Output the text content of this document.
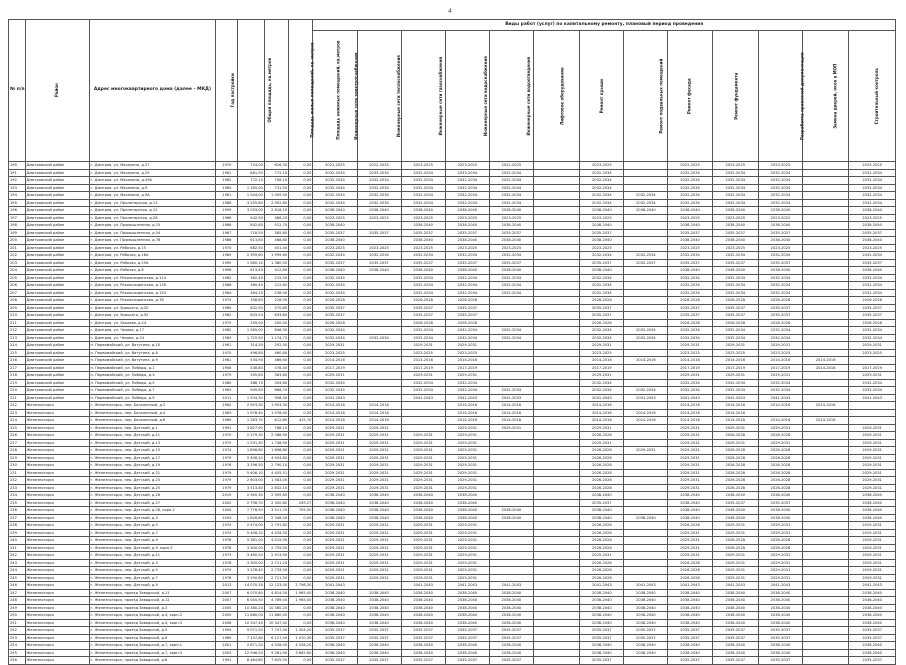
4
№ п/п	Район	Адрес многоквартирного дома (далее – МКД)	Год постройки	Общая площадь, кв.метров	Площадь жилых помещений, кв. метров	Площадь нежилых помещений, кв.метров	Виды работ (услуг) по капитальному ремонту, плановый период проведения												
							Инженерные сети электроснабжения	Инженерные сети теплоснабжения	Инженерные сети газоснабжения	Инженерные сети водоснабжения	Инженерные сети водоотведения	Лифтовое оборудование	Ремонт крыши	Ремонт подвальных помещений	Ремонт фасада	Ремонт фундамента	Разработка проектной документации	Замена дверей, окон в МОП	Строительный контроль
190	Дмитровский район	г. Дмитров, ул. Махалина, д.27	1970	724,00	626,30	0,00	2021-2025	2022-2025	2023-2025	2023-2025	2022-2025		2023-2025		2022-2025	2023-2025	2023-2025		2025-2025
191	Дмитровский район	г. Дмитров, ул. Махалина, д.29	1981	861,50	772,10	0,00	2032-2034	2033-2034	2032-2034	2033-2034	2032-2034		2032-2034		2032-2034	2032-2034	2032-2034		2032-2034
192	Дмитровский район	г. Дмитров, ул. Махалина, д.29А	1982	772,10	706,10	0,00	2032-2034	2032-2034	2032-2034	2032-2034	2032-2034		2032-2034		2032-2034	2032-2034	2032-2034		2032-2034
193	Дмитровский район	г. Дмитров, ул. Махалина, д.9	1983	1 185,00	731,50	0,00	2032-2034	2032-2034	2032-2034	2032-2034	2032-2034		2032-2034		2032-2034	2032-2034	2032-2034		2032-2034
194	Дмитровский район	г. Дмитров, ул. Махалина, д.9А	1981	1 544,00	1 009,50	0,00	2032-2034	2032-2034	2032-2034	2032-2034	2032-2034		2032-2034	2032-2034	2032-2034	2032-2034	2032-2034		2032-2034
195	Дмитровский район	г. Дмитров, ул. Пролетарская, д.13	1986	3 255,80	2 902,60	0,00	2032-2034	2032-2034	2032-2034	2032-2034	2032-2034		2032-2034	2032-2034	2032-2034	2032-2034	2032-2034		2032-2034
196	Дмитровский район	г. Дмитров, ул. Пролетарская, д.15	1999	3 033,00	2 816,10	0,00	2038-2040	2038-2040	2038-2040	2038-2040	2038-2040		2038-2040	2038-2040	2038-2040	2038-2040	2038-2040		2038-2040
197	Дмитровский район	г. Дмитров, ул. Пролетарская, д.28	1988	542,90	386,20	0,00	2023-2025	2023-2025	2023-2025	2023-2025	2023-2025		2023-2025		2023-2025	2023-2025	2023-2025		2023-2025
198	Дмитровский район	г. Дмитров, ул. Промышленная, д.15	1986	842,80	512,70	0,00	2038-2040		2038-2040	2038-2040	2038-2040		2038-2040		2038-2040	2038-2040	2038-2040		2038-2040
199	Дмитровский район	г. Дмитров, ул. Промышленная, д.54	1987	718,50	385,80	0,00	2035-2037	2035-2037	2035-2037	2035-2037	2035-2037		2035-2037		2035-2037	2035-2037	2035-2037		2035-2037
200	Дмитровский район	г. Дмитров, ул. Промышленная, д.78	1986	613,80	468,80	0,00	2038-2040		2038-2040	2038-2040	2038-2040		2038-2040		2038-2040	2038-2040	2038-2040		2038-2040
201	Дмитровский район	г. Дмитров, ул. Рабочая, д.15	1970	682,50	451,40	0,00	2023-2025	2023-2025	2023-2025	2023-2025	2023-2025		2023-2025		2023-2025	2023-2025	2023-2025		2023-2025
202	Дмитровский район	г. Дмитров, ул. Рабочая, д.18А	1985	2 399,60	1 999,60	0,00	2032-2034	2032-2034	2032-2034	2032-2034	2032-2034		2032-2034	2032-2034	2032-2034	2032-2034	2032-2034		2032-2034
203	Дмитровский район	г. Дмитров, ул. Рабочая, д.19А	1990	1 580,14	1 380,50	0,00	2035-2037	2035-2037	2035-2037	2035-2037	2035-2037		2035-2037	2035-2037	2035-2037	2035-2037	2035-2037		2035-2037
204	Дмитровский район	г. Дмитров, ул. Рабочая, д.8	1996	613,40	412,80	0,00	2038-2040	2038-2040	2038-2040	2038-2040	2038-2040		2038-2040		2038-2040	2038-2040	2038-2040		2038-2040
205	Дмитровский район	г. Дмитров, ул. Рекользидонская, д.114	1982	362,40	215,50	0,00	2032-2034		2032-2034	2032-2034	2032-2034		2032-2034		2032-2034	2032-2034	2032-2034		2032-2034
206	Дмитровский район	г. Дмитров, ул. Рекользидонская, д.126	1986	360,40	212,60	0,00	2032-2034		2032-2034	2032-2034	2032-2034		2032-2034		2032-2034	2032-2034	2032-2034		2032-2034
207	Дмитровский район	г. Дмитров, ул. Рекользидонская, д.153	1984	364,10	236,90	0,00	2032-2034		2032-2034	2032-2034	2032-2034		2032-2034		2032-2034	2032-2034	2032-2034		2032-2034
208	Дмитровский район	г. Дмитров, ул. Рекользидонская, д.78	1975	358,80	226,90	0,00	2026-2028		2026-2028	2026-2028			2026-2028		2026-2028	2026-2028	2026-2028		2026-2028
209	Дмитровский район	г. Дмитров, ул. Урицкого, д.20	1980	632,50	570,80	0,00	2035-2037		2035-2037	2035-2037			2035-2037		2035-2037	2035-2037	2035-2037		2035-2037
210	Дмитровский район	г. Дмитров, ул. Урицкого, д.52	1982	803,50	633,80	0,00	2035-2037		2035-2037	2035-2037			2035-2037		2035-2037	2035-2037	2035-2037		2035-2037
211	Дмитровский район	г. Дмитров, ул. Хохлова, д.14	1975	259,00	200,00	0,00	2026-2028		2026-2028	2026-2028			2026-2028		2026-2028	2026-2028	2026-2028		2026-2028
212	Дмитровский район	г. Дмитров, ул. Чеховa, д.17	1982	1 565,00	846,90	0,00	2032-2034		2032-2034	2032-2034	2032-2034		2032-2034	2032-2034	2032-2034	2032-2034	2032-2034		2032-2034
213	Дмитровский район	г. Дмитров, ул. Чеховa, д.24	1983	1 725,50	1 174,70	0,00	2032-2034	2032-2034	2032-2034	2032-2034	2032-2034		2032-2034	2032-2034	2032-2034	2032-2034	2032-2034		2032-2034
214	Дмитровский район	п. Первомайский, ул. Ватутина, д.10	1961	314,30	292,50	0,00	2029-2031		2029-2031	2029-2031			2029-2031		2029-2031	2029-2031	2029-2031		2029-2031
215	Дмитровский район	п. Первомайский, ул. Ватутина, д.8	1970	496,80	460,80	0,00	2023-2025		2023-2025	2023-2025			2023-2025		2023-2025	2023-2025	2023-2025		2023-2025
216	Дмитровский район	п. Первомайский, ул. Ватутина, д.9	1961	534,90	486,60	0,00	2014-2016		2014-2016	2014-2016			2014-2016	2014-2016	2014-2016	2014-2016	2014-2016	2014-2016	
217	Дмитровский район	п. Первомайский, ул. Победы, д.1	1958	538,80	478,40	0,00	2017-2019		2017-2019	2017-2019			2017-2019		2017-2019	2017-2019	2017-2019	2014-2016	2017-2019
218	Дмитровский район	п. Первомайский, ул. Победы, д.3	1979	395,80	363,60	0,00	2029-2031		2029-2031	2029-2031			2029-2031		2029-2031	2029-2031	2029-2031		2029-2031
219	Дмитровский район	п. Первомайский, ул. Победы, д.5	1980	388,70	354,60	0,00	2032-2034		2032-2034	2032-2034			2032-2034		2032-2034	2032-2034	2032-2034		2032-2034
220	Дмитровский район	п. Первомайский, ул. Победы, д.7	1963	949,80	868,70	0,00	2032-2034		2032-2034	2032-2034	2032-2034		2032-2034	2032-2034	2032-2034	2032-2034	2032-2034		2032-2034
221	Дмитровский район	п. Первомайский, ул. Победы, д.9	2011	1 534,30	958,30	0,00	2041-2043		2041-2043	2041-2043	2041-2043		2041-2043	2041-2043	2041-2043	2041-2043	2041-2043		2041-2043
222	Железногорск	г. Железногорск, пер. Больничный, д.2	1962	2 953,30	1 953,30	0,00	2014-2016	2014-2016		2014-2016	2014-2016		2014-2016		2014-2016	2014-2016	2014-2016	2014-2016	
223	Железногорск	г. Железногорск, пер. Больничный, д.4	1963	1 978,40	1 978,40	0,00	2014-2016	2014-2016		2014-2016	2014-2016		2014-2016	2014-2016	2014-2016	2014-2016			
224	Железногорск	г. Железногорск, пер. Больничный, д.8	1960	1 283,70	612,80	415,70	2014-2016	2014-2016		2014-2016	2014-2016		2014-2016	2014-2016	2014-2016	2014-2016	2014-2016	2014-2016	
225	Железногорск	г. Железногорск, пер. Детский, д.1	1991	3 827,90	768,10	0,00	2029-2031	2029-2031		2029-2031	2029-2031		2029-2031		2029-2031	2029-2031	2029-2031		2029-2031
226	Железногорск	г. Железногорск, пер. Детский, д.11	1970	2 279,30	2 088,90	0,00	2029-2031	2029-2031	2029-2031	2029-2031			2026-2028		2029-2031	2026-2028	2026-2028		2029-2031
227	Железногорск	г. Железногорск, пер. Детский, д.13	1975	1 291,30	1 706,90	0,00	2029-2031	2029-2031	2029-2031	2029-2031			2029-2031		2029-2031	2029-2031	2029-2031		2029-2031
228	Железногорск	г. Железногорск, пер. Детский, д.15	1974	1 898,80	1 898,80	0,00	2029-2031	2029-2031	2029-2031	2029-2031			2026-2028	2029-2031	2029-2031	2026-2028	2026-2028		2029-2031
229	Железногорск	г. Железногорск, пер. Детский, д.17	1979	5 406,10	4 454,80	0,00	2029-2031	2029-2031	2029-2031	2029-2031			2026-2028		2029-2031	2026-2028	2026-2028		2029-2031
230	Железногорск	г. Железногорск, пер. Детский, д.19	1976	3 296,50	2 790,10	0,00	2029-2031	2029-2031	2029-2031	2029-2031			2026-2028		2029-2031	2026-2028	2026-2028		2029-2031
231	Железногорск	г. Железногорск, пер. Детский, д.21	1979	5 406,10	4 455,51	0,00	2029-2031	2029-2031	2029-2031	2029-2031			2026-2028		2029-2031	2026-2028	2026-2028		2029-2031
232	Железногорск	г. Железногорск, пер. Детский, д.23	1979	2 603,00	1 583,00	0,00	2029-2031	2029-2031	2029-2031	2029-2031			2026-2028		2029-2031	2026-2028	2026-2028		2029-2031
233	Железногорск	г. Железногорск, пер. Детский, д.25	1979	3 513,40	2 832,10	0,00	2029-2031	2029-2031	2029-2031	2029-2031			2026-2028		2029-2031	2026-2028	2026-2028		2029-2031
234	Железногорск	г. Железногорск, пер. Детский, д.26	2019	2 945,30	2 909,80	0,00	2038-2040	2038-2040	2038-2040	2038-2040			2038-2040		2038-2040	2038-2040	2038-2040		2038-2040
235	Железногорск	г. Железногорск, пер. Детский, д.27	2002	2 798,70	2 320,80	249,27	2038-2040	2038-2040	2038-2040	2038-2040			2035-2037		2038-2040	2035-2037	2035-2037		2038-2040
236	Железногорск	г. Железногорск, пер. Детский, д.28, корп.2	2004	7 776,50	3 511,70	705,00	2038-2040	2038-2040	2038-2040	2038-2040	2038-2040		2038-2040		2038-2040	2038-2040	2038-2040		2038-2040
237	Железногорск	г. Железногорск, пер. Детский, д.3	2003	1 826,60	2 348,00	0,00	2038-2040	2038-2040	2038-2040	2038-2040	2038-2040		2038-2040	2038-2040	2038-2040	2038-2040	2038-2040		2038-2040
238	Железногорск	г. Железногорск, пер. Детский, д.5	1975	2 474,00	2 791,80	0,00	2029-2031	2029-2031	2029-2031	2029-2031			2026-2028		2026-2028	2029-2031	2029-2031		2029-2031
239	Железногорск	г. Железногорск, пер. Детский, д.7	1975	5 406,10	4 434,50	0,00	2029-2031	2029-2031	2029-2031	2029-2031			2026-2028		2029-2031	2029-2031	2029-2031		2029-2031
240	Железногорск	г. Железногорск, пер. Детский, д.9	1978	5 381,00	4 415,90	0,00	2029-2031	2029-2031	2029-2031	2029-2031			2026-2028		2029-2031	2026-2028	2026-2028		2029-2031
241	Железногорск	г. Железногорск, пер. Детский, д.9, корп.2	1978	3 300,00	2 755,50	0,00	2029-2031	2029-2031	2029-2031	2029-2031			2026-2028		2029-2031	2026-2028	2026-2028		2029-2031
242	Железногорск	г. Железногорск, пер. Детский, д.11	1973	3 460,20	2 913,90	0,00	2029-2031	2029-2031	2029-2031	2029-2031			2029-2031		2029-2031	2029-2031	2029-2031		2029-2031
243	Железногорск	г. Железногорск, пер. Детский, д.3	1978	3 300,00	2 711,20	0,00	2029-2031	2029-2031	2029-2031	2029-2031			2026-2028		2026-2028	2029-2031	2029-2031		2029-2031
244	Железногорск	г. Железногорск, пер. Детский, д.5	1979	3 278,40	2 733,50	0,00	2029-2031	2029-2031	2029-2031	2029-2031			2026-2028		2026-2028	2029-2031	2029-2031		2029-2031
245	Железногорск	г. Железногорск, пер. Детский, д.7	1978	3 290,60	2 711,50	0,00	2029-2031	2029-2031	2029-2031	2029-2031			2026-2028		2026-2028	2029-2031	2029-2031		2029-2031
246	Железногорск	г. Железногорск, пер. Детский, д.9	2013	14 070,30	12 123,00	2 798,30	2041-2043		2041-2043	2041-2043	2041-2043		2041-2043	2041-2043	2041-2043	2041-2043	2041-2043		2041-2043
247	Железногорск	г. Железногорск, проезд Заводской, д.11	2007	6 070,80	4 814,50	1 965,00	2038-2040	2038-2040	2038-2040	2038-2040	2038-2040		2038-2040	2038-2040	2038-2040	2038-2040	2038-2040		2038-2040
248	Железногорск	г. Железногорск, проезд Заводской, д.12	2007	6 045,50	4 789,00	1 965,00	2038-2040	2038-2040	2038-2040	2038-2040	2038-2040		2038-2040	2038-2040	2038-2040	2038-2040	2038-2040		2038-2040
249	Железногорск	г. Железногорск, проезд Заводской, д.3	2005	10 380,20	10 380,20	0,00	2038-2040	2038-2040	2038-2040	2038-2040	2038-2040		2038-2040	2038-2040	2038-2040	2038-2040	2038-2040		2038-2040
250	Железногорск	г. Железногорск, проезд Заводской, д.4, корп.2	2005	11 680,00	11 680,00	0,00	2038-2040	2038-2040	2038-2040	2038-2040	2038-2040		2038-2040	2038-2040	2038-2040	2038-2040	2038-2040		2038-2040
251	Железногорск	г. Железногорск, проезд Заводской, д.4, корп.3	2006	10 347,40	10 347,40	0,00	2038-2040	2038-2040	2038-2040	2038-2040	2038-2040		2038-2040	2038-2040	2038-2040	2038-2040	2038-2040		2038-2040
252	Железногорск	г. Железногорск, проезд Заводской, д.5	1994	9 071,20	7 747,00	1 324,20	2035-2037	2035-2037	2035-2037	2035-2037	2035-2037		2035-2037	2035-2037	2035-2037	2035-2037	2035-2037		2035-2037
253	Железногорск	г. Железногорск, проезд Заводской, д.6	1989	7 137,60	6 127,00	1 070,30	2035-2037	2035-2037	2035-2037	2035-2037	2035-2037		2035-2037	2035-2037	2035-2037	2035-2037	2035-2037		2035-2037
254	Железногорск	г. Железногорск, проезд Заводской, д.7, корп.1	2001	2 871,20	4 528,00	4 528,20	2038-2040	2038-2040	2038-2040	2038-2040	2038-2040		2038-2040	2038-2040	2038-2040	2038-2040	2038-2040		2038-2040
255	Железногорск	г. Железногорск, проезд Заводской, д.7, корп.3	2003	12 946,50	9 281,90	3 662,60	2038-2040	2038-2040	2038-2040	2038-2040	2038-2040		2038-2040	2038-2040	2038-2040	2038-2040	2038-2040		2038-2040
256	Железногорск	г. Железногорск, проезд Заводской, д.8	1991	8 484,80	7 625,50	0,00	2035-2037	2035-2037	2035-2037	2035-2037	2035-2037		2035-2037		2035-2037	2035-2037	2035-2037		2035-2037
